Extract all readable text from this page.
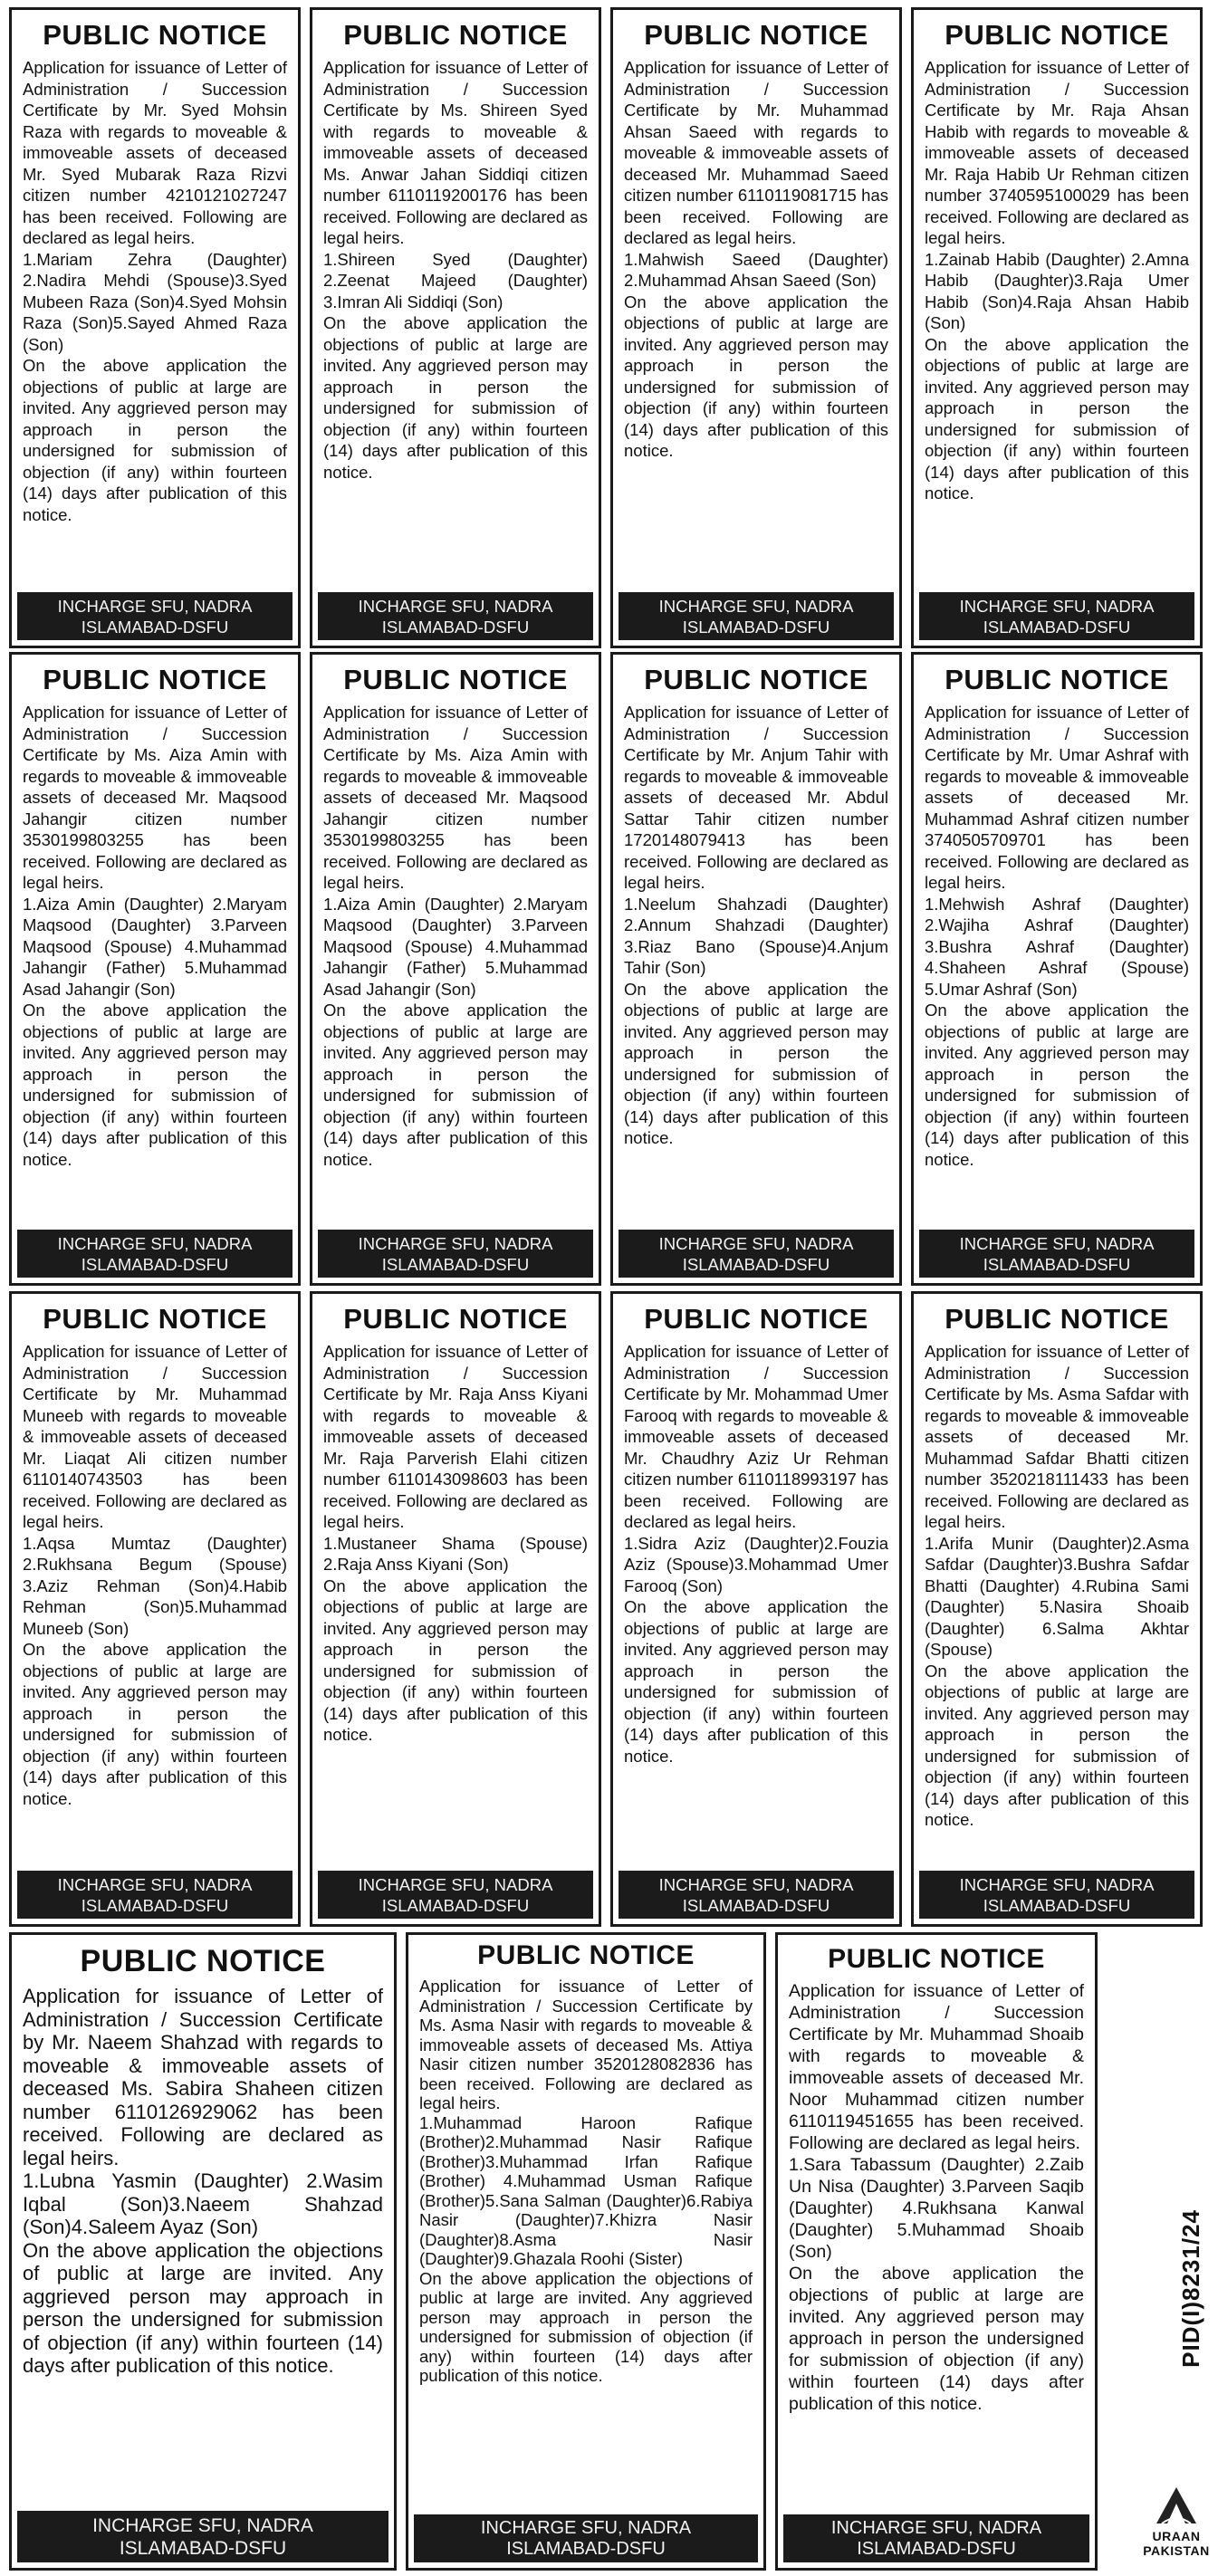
PUBLIC NOTICE

Application for issuance of Letter of Administration / Succession Certificate by Mr. Syed Mohsin Raza with regards to moveable & immoveable assets of deceased Mr. Syed Mubarak Raza Rizvi citizen number 4210121027247 has been received. Following are declared as legal heirs.

1.Mariam Zehra (Daughter) 2.Nadira Mehdi (Spouse)3.Syed Mubeen Raza (Son)4.Syed Mohsin Raza (Son)5.Sayed Ahmed Raza (Son)

On the above application the objections of public at large are invited. Any aggrieved person may approach in person the undersigned for submission of objection (if any) within fourteen (14) days after publication of this notice.

INCHARGE SFU, NADRA
ISLAMABAD-DSFU
PUBLIC NOTICE

Application for issuance of Letter of Administration / Succession Certificate by Ms. Shireen Syed with regards to moveable & immoveable assets of deceased Ms. Anwar Jahan Siddiqi citizen number 6110119200176 has been received. Following are declared as legal heirs.

1.Shireen Syed (Daughter) 2.Zeenat Majeed (Daughter) 3.Imran Ali Siddiqi (Son)

On the above application the objections of public at large are invited. Any aggrieved person may approach in person the undersigned for submission of objection (if any) within fourteen (14) days after publication of this notice.

INCHARGE SFU, NADRA
ISLAMABAD-DSFU
PUBLIC NOTICE

Application for issuance of Letter of Administration / Succession Certificate by Mr. Muhammad Ahsan Saeed with regards to moveable & immoveable assets of deceased Mr. Muhammad Saeed citizen number 6110119081715 has been received. Following are declared as legal heirs.

1.Mahwish Saeed (Daughter) 2.Muhammad Ahsan Saeed (Son)

On the above application the objections of public at large are invited. Any aggrieved person may approach in person the undersigned for submission of objection (if any) within fourteen (14) days after publication of this notice.

INCHARGE SFU, NADRA
ISLAMABAD-DSFU
PUBLIC NOTICE

Application for issuance of Letter of Administration / Succession Certificate by Mr. Raja Ahsan Habib with regards to moveable & immoveable assets of deceased Mr. Raja Habib Ur Rehman citizen number 3740595100029 has been received. Following are declared as legal heirs.

1.Zainab Habib (Daughter) 2.Amna Habib (Daughter)3.Raja Umer Habib (Son)4.Raja Ahsan Habib (Son)

On the above application the objections of public at large are invited. Any aggrieved person may approach in person the undersigned for submission of objection (if any) within fourteen (14) days after publication of this notice.

INCHARGE SFU, NADRA
ISLAMABAD-DSFU
PUBLIC NOTICE

Application for issuance of Letter of Administration / Succession Certificate by Ms. Aiza Amin with regards to moveable & immoveable assets of deceased Mr. Maqsood Jahangir citizen number 3530199803255 has been received. Following are declared as legal heirs.

1.Aiza Amin (Daughter) 2.Maryam Maqsood (Daughter) 3.Parveen Maqsood (Spouse) 4.Muhammad Jahangir (Father) 5.Muhammad Asad Jahangir (Son)

On the above application the objections of public at large are invited. Any aggrieved person may approach in person the undersigned for submission of objection (if any) within fourteen (14) days after publication of this notice.

INCHARGE SFU, NADRA
ISLAMABAD-DSFU
PUBLIC NOTICE

Application for issuance of Letter of Administration / Succession Certificate by Ms. Aiza Amin with regards to moveable & immoveable assets of deceased Mr. Maqsood Jahangir citizen number 3530199803255 has been received. Following are declared as legal heirs.

1.Aiza Amin (Daughter) 2.Maryam Maqsood (Daughter) 3.Parveen Maqsood (Spouse) 4.Muhammad Jahangir (Father) 5.Muhammad Asad Jahangir (Son)

On the above application the objections of public at large are invited. Any aggrieved person may approach in person the undersigned for submission of objection (if any) within fourteen (14) days after publication of this notice.

INCHARGE SFU, NADRA
ISLAMABAD-DSFU
PUBLIC NOTICE

Application for issuance of Letter of Administration / Succession Certificate by Mr. Anjum Tahir with regards to moveable & immoveable assets of deceased Mr. Abdul Sattar Tahir citizen number 1720148079413 has been received. Following are declared as legal heirs.

1.Neelum Shahzadi (Daughter) 2.Annum Shahzadi (Daughter) 3.Riaz Bano (Spouse)4.Anjum Tahir (Son)

On the above application the objections of public at large are invited. Any aggrieved person may approach in person the undersigned for submission of objection (if any) within fourteen (14) days after publication of this notice.

INCHARGE SFU, NADRA
ISLAMABAD-DSFU
PUBLIC NOTICE

Application for issuance of Letter of Administration / Succession Certificate by Mr. Umar Ashraf with regards to moveable & immoveable assets of deceased Mr. Muhammad Ashraf citizen number 3740505709701 has been received. Following are declared as legal heirs.

1.Mehwish Ashraf (Daughter) 2.Wajiha Ashraf (Daughter) 3.Bushra Ashraf (Daughter) 4.Shaheen Ashraf (Spouse) 5.Umar Ashraf (Son)

On the above application the objections of public at large are invited. Any aggrieved person may approach in person the undersigned for submission of objection (if any) within fourteen (14) days after publication of this notice.

INCHARGE SFU, NADRA
ISLAMABAD-DSFU
PUBLIC NOTICE

Application for issuance of Letter of Administration / Succession Certificate by Mr. Muhammad Muneeb with regards to moveable & immoveable assets of deceased Mr. Liaqat Ali citizen number 6110140743503 has been received. Following are declared as legal heirs.

1.Aqsa Mumtaz (Daughter) 2.Rukhsana Begum (Spouse) 3.Aziz Rehman (Son)4.Habib Rehman (Son)5.Muhammad Muneeb (Son)

On the above application the objections of public at large are invited. Any aggrieved person may approach in person the undersigned for submission of objection (if any) within fourteen (14) days after publication of this notice.

INCHARGE SFU, NADRA
ISLAMABAD-DSFU
PUBLIC NOTICE

Application for issuance of Letter of Administration / Succession Certificate by Mr. Raja Anss Kiyani with regards to moveable & immoveable assets of deceased Mr. Raja Parverish Elahi citizen number 6110143098603 has been received. Following are declared as legal heirs.

1.Mustaneer Shama (Spouse) 2.Raja Anss Kiyani (Son)

On the above application the objections of public at large are invited. Any aggrieved person may approach in person the undersigned for submission of objection (if any) within fourteen (14) days after publication of this notice.

INCHARGE SFU, NADRA
ISLAMABAD-DSFU
PUBLIC NOTICE

Application for issuance of Letter of Administration / Succession Certificate by Mr. Mohammad Umer Farooq with regards to moveable & immoveable assets of deceased Mr. Chaudhry Aziz Ur Rehman citizen number 6110118993197 has been received. Following are declared as legal heirs.

1.Sidra Aziz (Daughter)2.Fouzia Aziz (Spouse)3.Mohammad Umer Farooq (Son)

On the above application the objections of public at large are invited. Any aggrieved person may approach in person the undersigned for submission of objection (if any) within fourteen (14) days after publication of this notice.

INCHARGE SFU, NADRA
ISLAMABAD-DSFU
PUBLIC NOTICE

Application for issuance of Letter of Administration / Succession Certificate by Ms. Asma Safdar with regards to moveable & immoveable assets of deceased Mr. Muhammad Safdar Bhatti citizen number 3520218111433 has been received. Following are declared as legal heirs.

1.Arifa Munir (Daughter)2.Asma Safdar (Daughter)3.Bushra Safdar Bhatti (Daughter) 4.Rubina Sami (Daughter) 5.Nasira Shoaib (Daughter) 6.Salma Akhtar (Spouse)

On the above application the objections of public at large are invited. Any aggrieved person may approach in person the undersigned for submission of objection (if any) within fourteen (14) days after publication of this notice.

INCHARGE SFU, NADRA
ISLAMABAD-DSFU
PUBLIC NOTICE

Application for issuance of Letter of Administration / Succession Certificate by Mr. Naeem Shahzad with regards to moveable & immoveable assets of deceased Ms. Sabira Shaheen citizen number 6110126929062 has been received. Following are declared as legal heirs.

1.Lubna Yasmin (Daughter) 2.Wasim Iqbal (Son)3.Naeem Shahzad (Son)4.Saleem Ayaz (Son)

On the above application the objections of public at large are invited. Any aggrieved person may approach in person the undersigned for submission of objection (if any) within fourteen (14) days after publication of this notice.

INCHARGE SFU, NADRA
ISLAMABAD-DSFU
PUBLIC NOTICE

Application for issuance of Letter of Administration / Succession Certificate by Ms. Asma Nasir with regards to moveable & immoveable assets of deceased Ms. Attiya Nasir citizen number 3520128082836 has been received. Following are declared as legal heirs.

1.Muhammad Haroon Rafique (Brother)2.Muhammad Nasir Rafique (Brother)3.Muhammad Irfan Rafique (Brother) 4.Muhammad Usman Rafique (Brother)5.Sana Salman (Daughter)6.Rabiya Nasir (Daughter)7.Khizra Nasir (Daughter)8.Asma Nasir (Daughter)9.Ghazala Roohi (Sister)

On the above application the objections of public at large are invited. Any aggrieved person may approach in person the undersigned for submission of objection (if any) within fourteen (14) days after publication of this notice.

INCHARGE SFU, NADRA
ISLAMABAD-DSFU
PUBLIC NOTICE

Application for issuance of Letter of Administration / Succession Certificate by Mr. Muhammad Shoaib with regards to moveable & immoveable assets of deceased Mr. Noor Muhammad citizen number 6110119451655 has been received. Following are declared as legal heirs.

1.Sara Tabassum (Daughter) 2.Zaib Un Nisa (Daughter) 3.Parveen Saqib (Daughter) 4.Rukhsana Kanwal (Daughter) 5.Muhammad Shoaib (Son)

On the above application the objections of public at large are invited. Any aggrieved person may approach in person the undersigned for submission of objection (if any) within fourteen (14) days after publication of this notice.

INCHARGE SFU, NADRA
ISLAMABAD-DSFU
PID(I)8231/24
URAAN
PAKISTAN
